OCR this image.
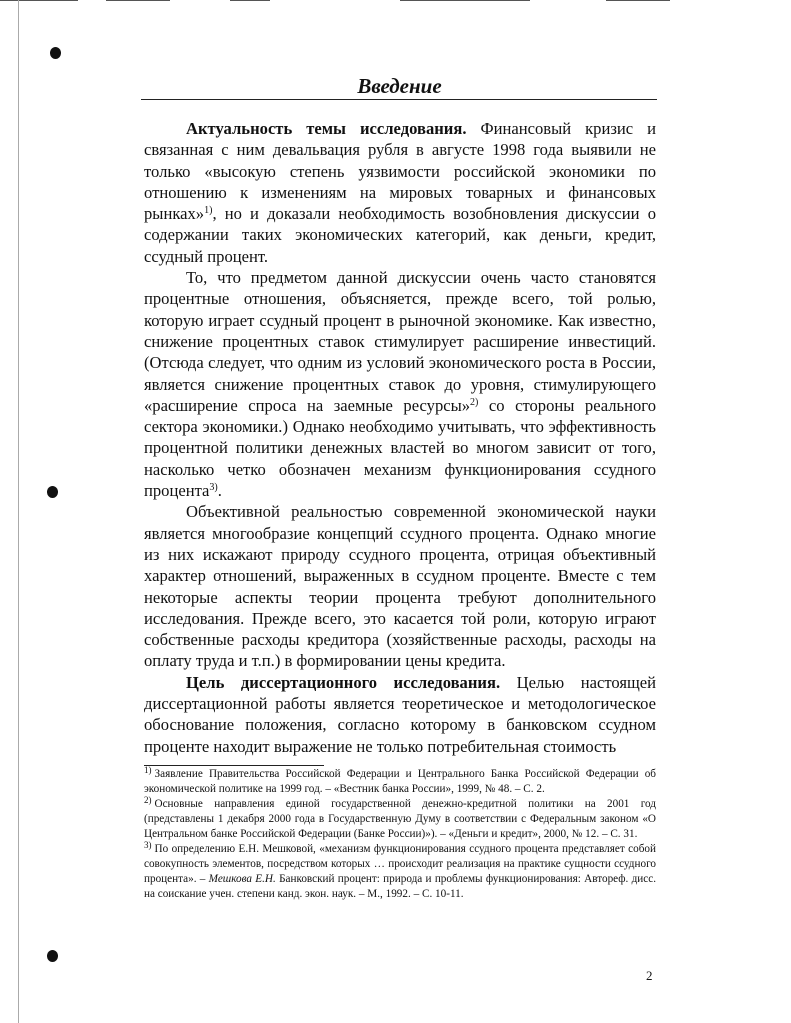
Введение

Актуальность темы исследования. Финансовый кризис и связанная с ним девальвация рубля в августе 1998 года выявили не только «высокую степень уязвимости российской экономики по отношению к изменениям на мировых товарных и финансовых рынках»$^{1)}$, но и доказали необходимость возобновления дискуссии о содержании таких экономических категорий, как деньги, кредит, ссудный процент.

То, что предметом данной дискуссии очень часто становятся процентные отношения, объясняется, прежде всего, той ролью, которую играет ссудный процент в рыночной экономике. Как известно, снижение процентных ставок стимулирует расширение инвестиций. (Отсюда следует, что одним из условий экономического роста в России, является снижение процентных ставок до уровня, стимулирующего «расширение спроса на заемные ресурсы»$^{2)}$ со стороны реального сектора экономики.) Однако необходимо учитывать, что эффективность процентной политики денежных властей во многом зависит от того, насколько четко обозначен механизм функционирования ссудного процента$^{3)}$.

Объективной реальностью современной экономической науки является многообразие концепций ссудного процента. Однако многие из них искажают природу ссудного процента, отрицая объективный характер отношений, выраженных в ссудном проценте. Вместе с тем некоторые аспекты теории процента требуют дополнительного исследования. Прежде всего, это касается той роли, которую играют собственные расходы кредитора (хозяйственные расходы, расходы на оплату труда и т.п.) в формировании цены кредита.

Цель диссертационного исследования. Целью настоящей диссертационной работы является теоретическое и методологическое обоснование положения, согласно которому в банковском ссудном проценте находит выражение не только потребительная стоимость

$^{1)}$ Заявление Правительства Российской Федерации и Центрального Банка Российской Федерации об экономической политике на 1999 год. – «Вестник банка России», 1999, № 48. – С. 2.

$^{2)}$ Основные направления единой государственной денежно-кредитной политики на 2001 год (представлены 1 декабря 2000 года в Государственную Думу в соответствии с Федеральным законом «О Центральном банке Российской Федерации (Банке России)»). – «Деньги и кредит», 2000, № 12. – С. 31.

$^{3)}$ По определению Е.Н. Мешковой, «механизм функционирования ссудного процента представляет собой совокупность элементов, посредством которых … происходит реализация на практике сущности ссудного процента». – Мешкова Е.Н. Банковский процент: природа и проблемы функционирования: Автореф. дисс. на соискание учен. степени канд. экон. наук. – М., 1992. – С. 10-11.

2
